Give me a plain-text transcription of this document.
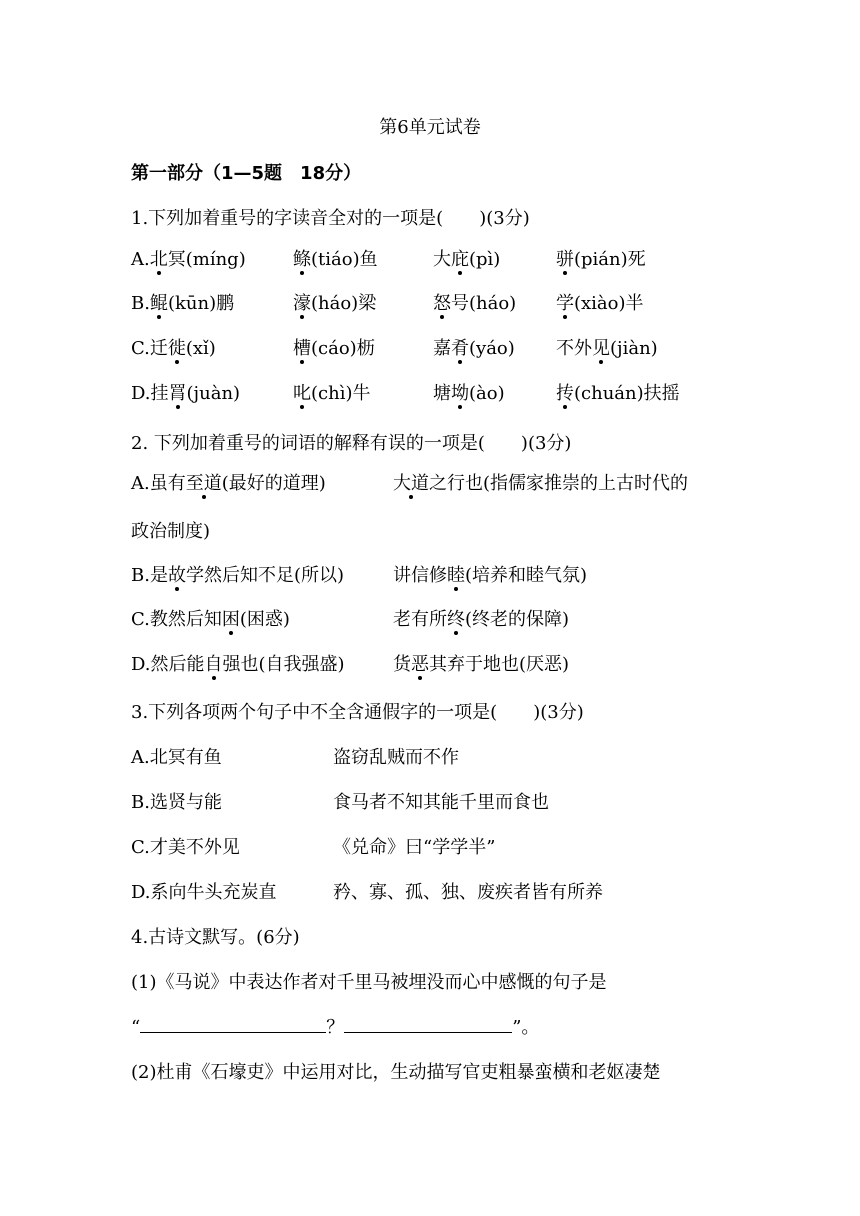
第6单元试卷
第一部分（1—5题　18分）
1.下列加着重号的字读音全对的一项是(　　)(3分)
A.北冥(míng)	鲦(tiáo)鱼	大庇(pì)	骈(pián)死
B.鲲(kūn)鹏	濠(háo)梁	怒号(háo) 学(xiào)半
C.迁徙(xǐ)	槽(cáo)枥	嘉肴(yáo) 不外见(jiàn)
D.挂罥(juàn)	叱(chì)牛	塘坳(ào)	抟(chuán)扶摇
2. 下列加着重号的词语的解释有误的一项是(　　)(3分)
A.虽有至道(最好的道理)	大道之行也(指儒家推崇的上古时代的
政治制度)
B.是故学然后知不足(所以)	讲信修睦(培养和睦气氛)
C.教然后知困(困惑)	老有所终(终老的保障)
D.然后能自强也(自我强盛)	货恶其弃于地也(厌恶)
3.下列各项两个句子中不全含通假字的一项是(　　)(3分)
A.北冥有鱼	盗窃乱贼而不作
B.选贤与能	食马者不知其能千里而食也
C.才美不外见	《兑命》曰“学学半”
D.系向牛头充炭直	矜、寡、孤、独、废疾者皆有所养
4.古诗文默写。(6分)
(1)《马说》中表达作者对千里马被埋没而心中感慨的句子是
“	？	”。
(2)杜甫《石壕吏》中运用对比，生动描写官吏粗暴蛮横和老妪凄楚
